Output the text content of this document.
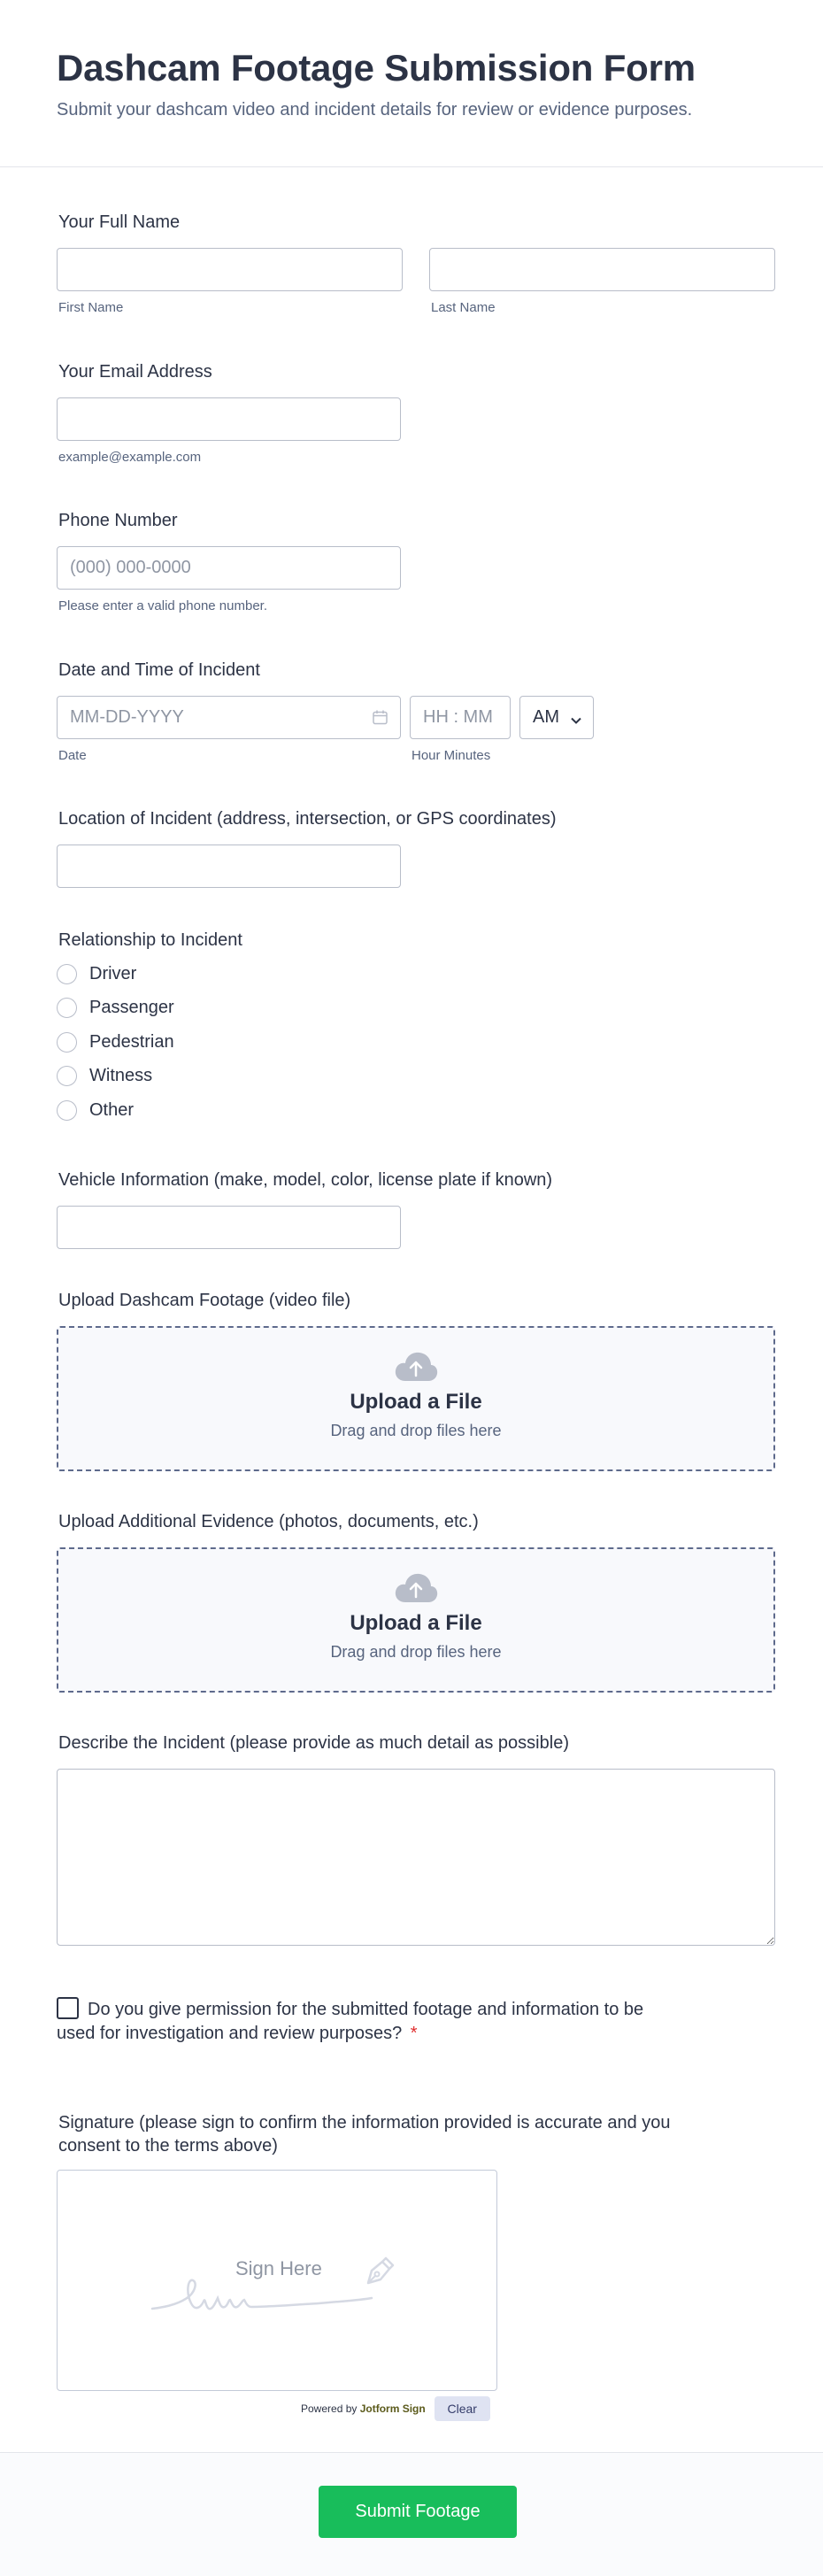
Dashcam Footage Submission Form

Submit your dashcam video and incident details for review or evidence purposes.

Your Full Name
First Name	Last Name
Your Email Address
example@example.com
Phone Number
(000) 000-0000
Please enter a valid phone number.
Date and Time of Incident
MM-DD-YYYY
Date
HH : MM	Hour Minutes
AM
Location of Incident (address, intersection, or GPS coordinates)
Relationship to Incident
Driver
Passenger
Pedestrian
Witness
Other
Vehicle Information (make, model, color, license plate if known)
Upload Dashcam Footage (video file)
Upload a File
Drag and drop files here
Upload Additional Evidence (photos, documents, etc.)
Upload a File
Drag and drop files here
Describe the Incident (please provide as much detail as possible)
Do you give permission for the submitted footage and information to be
used for investigation and review purposes? *
Signature (please sign to confirm the information provided is accurate and you
consent to the terms above)
Sign Here
Powered by Jotform Sign	Clear
Submit Footage
